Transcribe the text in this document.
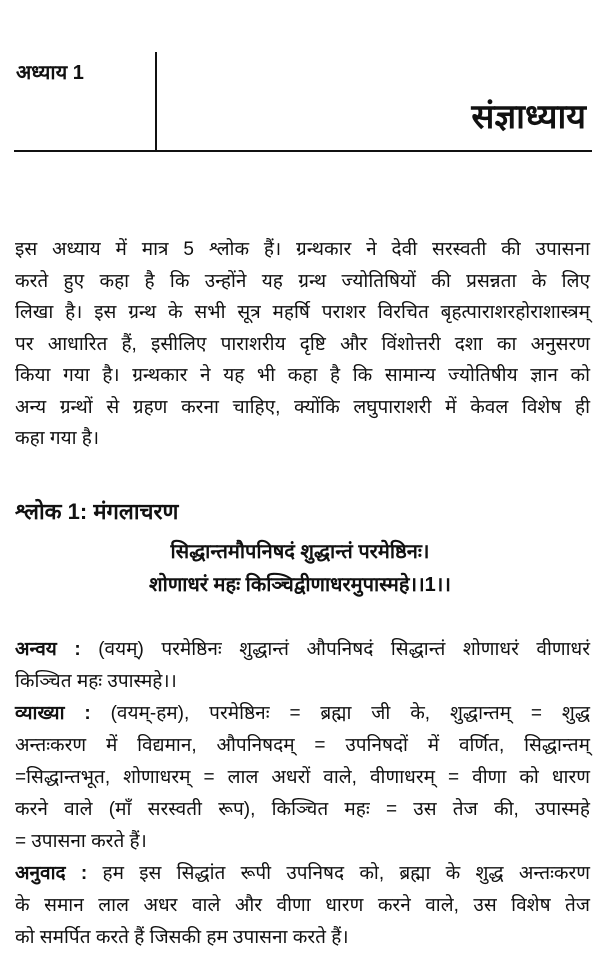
अध्याय 1
संज्ञाध्याय
इस अध्याय में मात्र 5 श्लोक हैं। ग्रन्थकार ने देवी सरस्वती की उपासना
करते हुए कहा है कि उन्होंने यह ग्रन्थ ज्योतिषियों की प्रसन्नता के लिए
लिखा है। इस ग्रन्थ के सभी सूत्र महर्षि पराशर विरचित बृहत्पाराशरहोराशास्त्रम्
पर आधारित हैं, इसीलिए पाराशरीय दृष्टि और विंशोत्तरी दशा का अनुसरण
किया गया है। ग्रन्थकार ने यह भी कहा है कि सामान्य ज्योतिषीय ज्ञान को
अन्य ग्रन्थों से ग्रहण करना चाहिए, क्योंकि लघुपाराशरी में केवल विशेष ही
कहा गया है।
श्लोक 1: मंगलाचरण
सिद्धान्तमौपनिषदं शुद्धान्तं परमेष्ठिनः।
शोणाधरं महः किञ्चिद्वीणाधरमुपास्महे।।1।।
अन्वय : (वयम्) परमेष्ठिनः शुद्धान्तं औपनिषदं सिद्धान्तं शोणाधरं वीणाधरं
किञ्चित महः उपास्महे।।
व्याख्या : (वयम्-हम), परमेष्ठिनः = ब्रह्मा जी के, शुद्धान्तम् = शुद्ध
अन्तःकरण में विद्यमान, औपनिषदम् = उपनिषदों में वर्णित, सिद्धान्तम्
=सिद्धान्तभूत, शोणाधरम् = लाल अधरों वाले, वीणाधरम् = वीणा को धारण
करने वाले (माँ सरस्वती रूप), किञ्चित महः = उस तेज की, उपास्महे
= उपासना करते हैं।
अनुवाद : हम इस सिद्धांत रूपी उपनिषद को, ब्रह्मा के शुद्ध अन्तःकरण
के समान लाल अधर वाले और वीणा धारण करने वाले, उस विशेष तेज
को समर्पित करते हैं जिसकी हम उपासना करते हैं।
